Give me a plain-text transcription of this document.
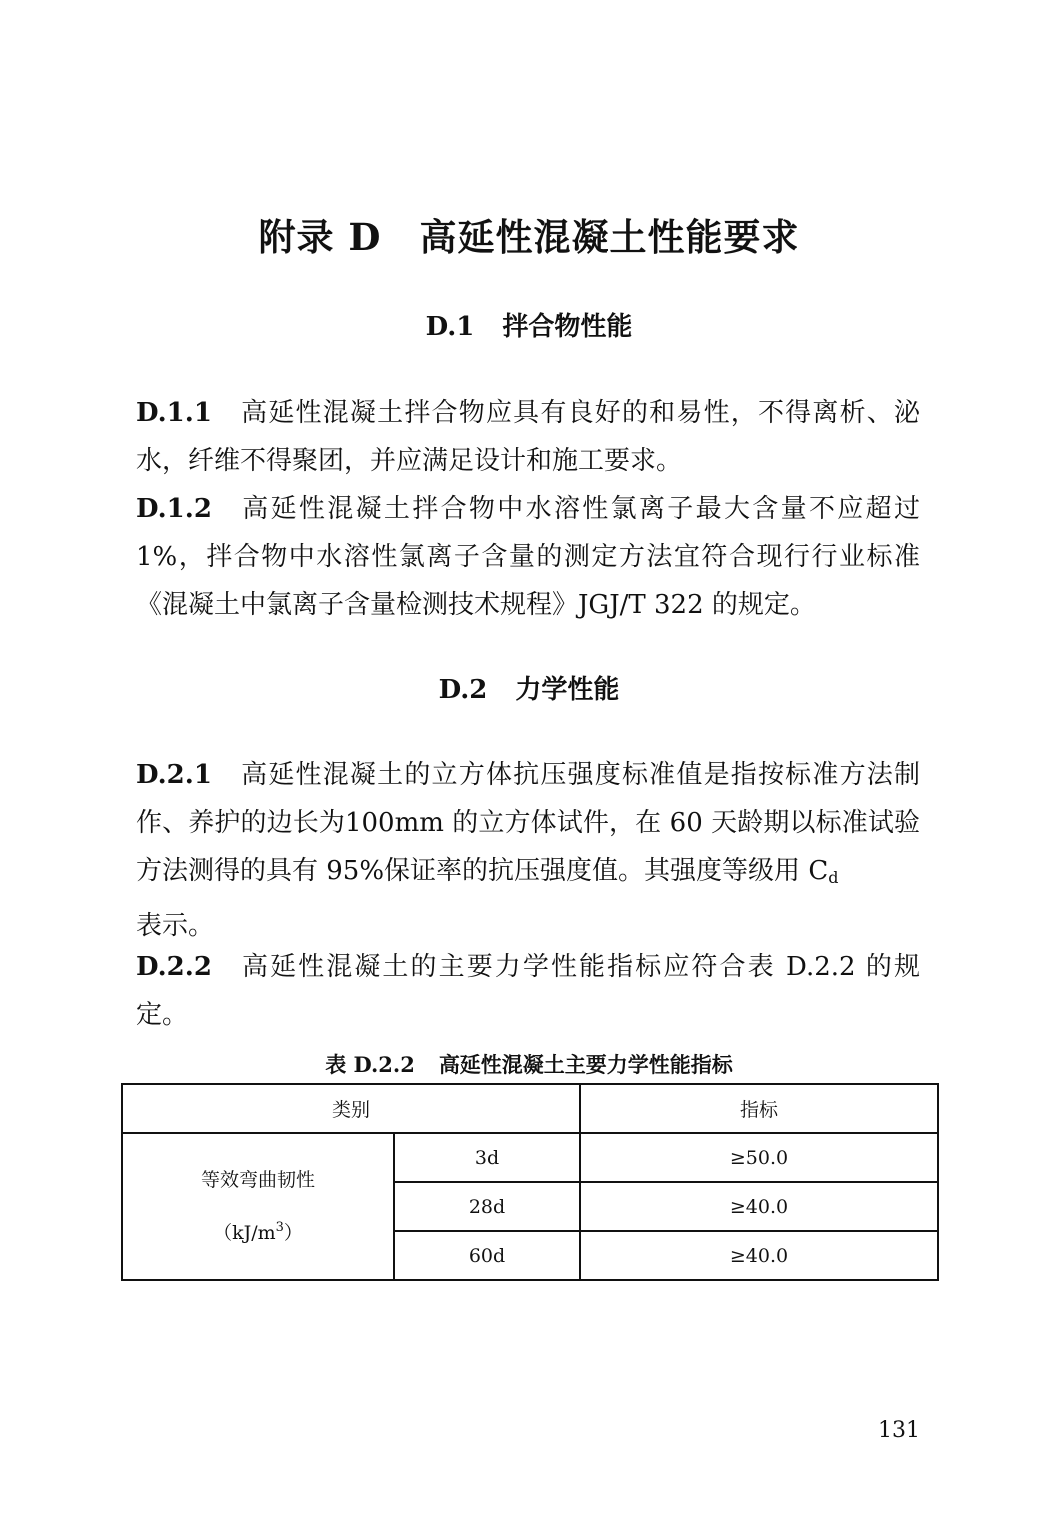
附录 D 高延性混凝土性能要求
D.1 拌合物性能
D.1.1 高延性混凝土拌合物应具有良好的和易性，不得离析、泌水，纤维不得聚团，并应满足设计和施工要求。
D.1.2 高延性混凝土拌合物中水溶性氯离子最大含量不应超过1%，拌合物中水溶性氯离子含量的测定方法宜符合现行行业标准《混凝土中氯离子含量检测技术规程》JGJ/T 322 的规定。
D.2 力学性能
D.2.1 高延性混凝土的立方体抗压强度标准值是指按标准方法制作、养护的边长为100mm 的立方体试件，在 60 天龄期以标准试验方法测得的具有 95%保证率的抗压强度值。其强度等级用 $C_d$
表示。
D.2.2 高延性混凝土的主要力学性能指标应符合表 D.2.2 的规定。
表 D.2.2 高延性混凝土主要力学性能指标
类别		指标
等效弯曲韧性
$(kJ/m^3)$	3d	≥50.0
	28d	≥40.0
	60d	≥40.0
131
